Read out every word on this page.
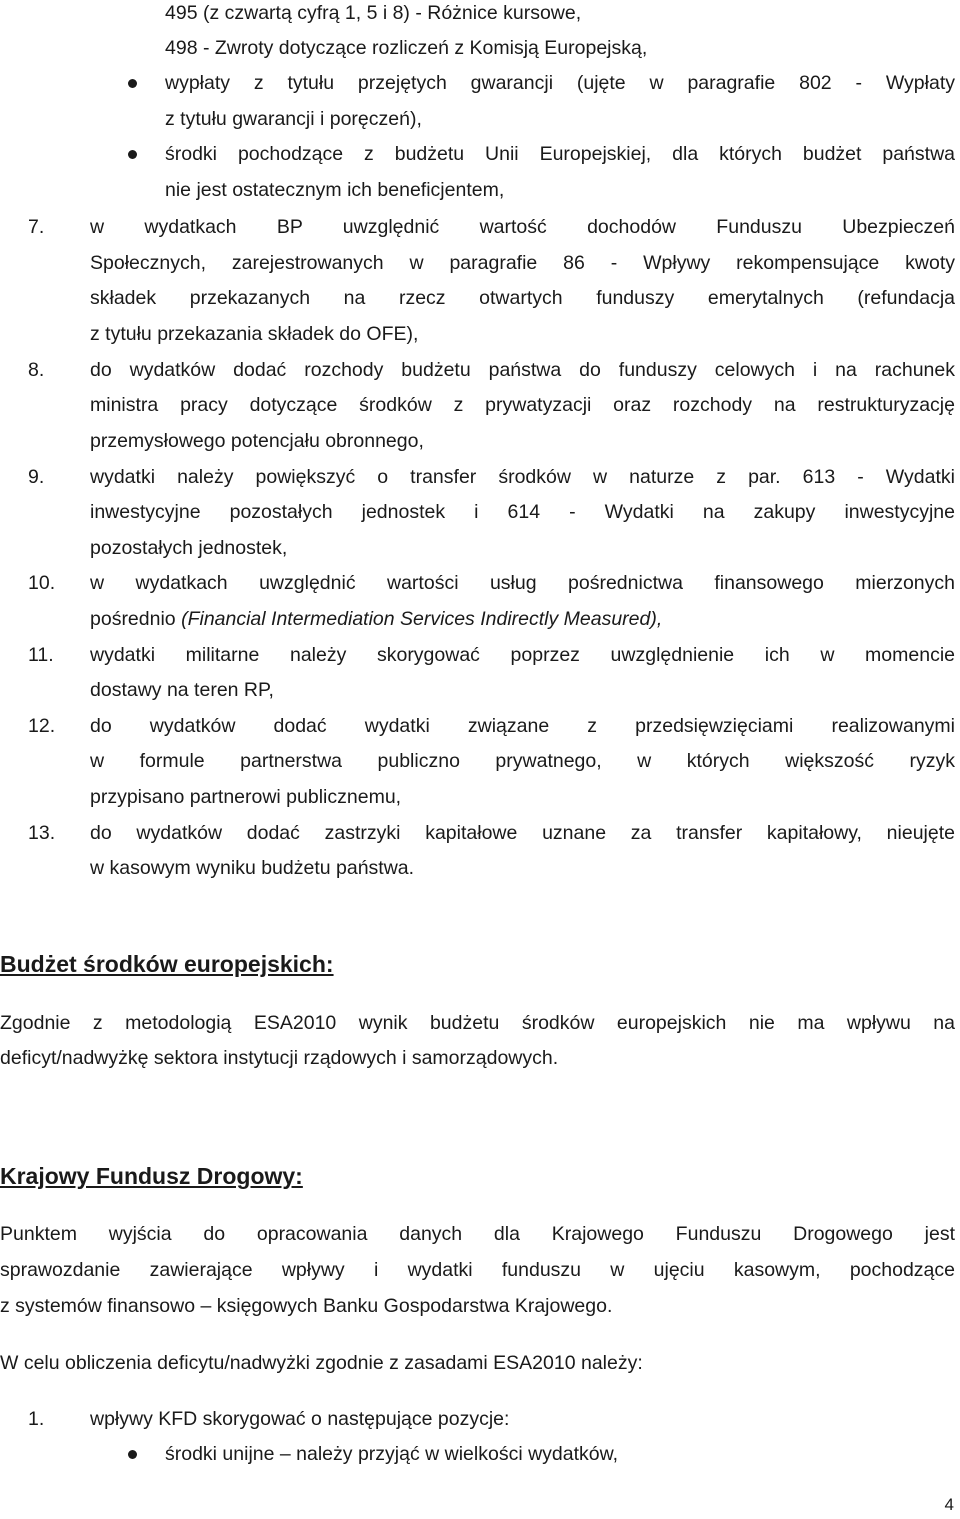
495 (z czwartą cyfrą 1, 5 i 8) - Różnice kursowe,
498 - Zwroty dotyczące rozliczeń z Komisją Europejską,
wypłaty z tytułu przejętych gwarancji (ujęte w paragrafie 802 - Wypłaty
z tytułu gwarancji i poręczeń),
środki pochodzące z budżetu Unii Europejskiej, dla których budżet państwa
nie jest ostatecznym ich beneficjentem,
7. w wydatkach BP uwzględnić wartość dochodów Funduszu Ubezpieczeń
Społecznych, zarejestrowanych w paragrafie 86 - Wpływy rekompensujące kwoty
składek przekazanych na rzecz otwartych funduszy emerytalnych (refundacja
z tytułu przekazania składek do OFE),
8. do wydatków dodać rozchody budżetu państwa do funduszy celowych i na rachunek
ministra pracy dotyczące środków z prywatyzacji oraz rozchody na restrukturyzację
przemysłowego potencjału obronnego,
9. wydatki należy powiększyć o transfer środków w naturze z par. 613 - Wydatki
inwestycyjne pozostałych jednostek i 614 - Wydatki na zakupy inwestycyjne
pozostałych jednostek,
10. w wydatkach uwzględnić wartości usług pośrednictwa finansowego mierzonych
pośrednio (Financial Intermediation Services Indirectly Measured),
11. wydatki militarne należy skorygować poprzez uwzględnienie ich w momencie
dostawy na teren RP,
12. do wydatków dodać wydatki związane z przedsięwzięciami realizowanymi
w formule partnerstwa publiczno prywatnego, w których większość ryzyk
przypisano partnerowi publicznemu,
13. do wydatków dodać zastrzyki kapitałowe uznane za transfer kapitałowy, nieujęte
w kasowym wyniku budżetu państwa.
Budżet środków europejskich:
Zgodnie z metodologią ESA2010 wynik budżetu środków europejskich nie ma wpływu na
deficyt/nadwyżkę sektora instytucji rządowych i samorządowych.
Krajowy Fundusz Drogowy:
Punktem wyjścia do opracowania danych dla Krajowego Funduszu Drogowego jest
sprawozdanie zawierające wpływy i wydatki funduszu w ujęciu kasowym, pochodzące
z systemów finansowo – księgowych Banku Gospodarstwa Krajowego.
W celu obliczenia deficytu/nadwyżki zgodnie z zasadami ESA2010 należy:
1. wpływy KFD skorygować o następujące pozycje:
środki unijne – należy przyjąć w wielkości wydatków,
4
